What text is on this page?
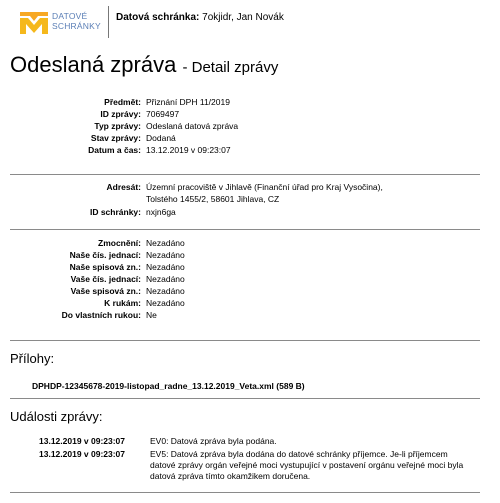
DATOVÉ
SCHRÁNKY
Datová schránka: 7okjidr, Jan Novák
Odeslaná zpráva - Detail zprávy
Předmět: Přiznání DPH 11/2019
ID zprávy: 7069497
Typ zprávy: Odeslaná datová zpráva
Stav zprávy: Dodaná
Datum a čas: 13.12.2019 v 09:23:07
Adresát: Územní pracoviště v Jihlavě (Finanční úřad pro Kraj Vysočina),
Tolstého 1455/2, 58601 Jihlava, CZ
ID schránky: nxjn6ga
Zmocnění: Nezadáno
Naše čís. jednací: Nezadáno
Naše spisová zn.: Nezadáno
Vaše čís. jednací: Nezadáno
Vaše spisová zn.: Nezadáno
K rukám: Nezadáno
Do vlastních rukou: Ne
Přílohy:
DPHDP-12345678-2019-listopad_radne_13.12.2019_Veta.xml (589 B)
Události zprávy:
13.12.2019 v 09:23:07	EV0: Datová zpráva byla podána.
13.12.2019 v 09:23:07	EV5: Datová zpráva byla dodána do datové schránky příjemce. Je-li příjemcem datové zprávy orgán veřejné moci vystupující v postavení orgánu veřejné moci byla datová zpráva tímto okamžikem doručena.
